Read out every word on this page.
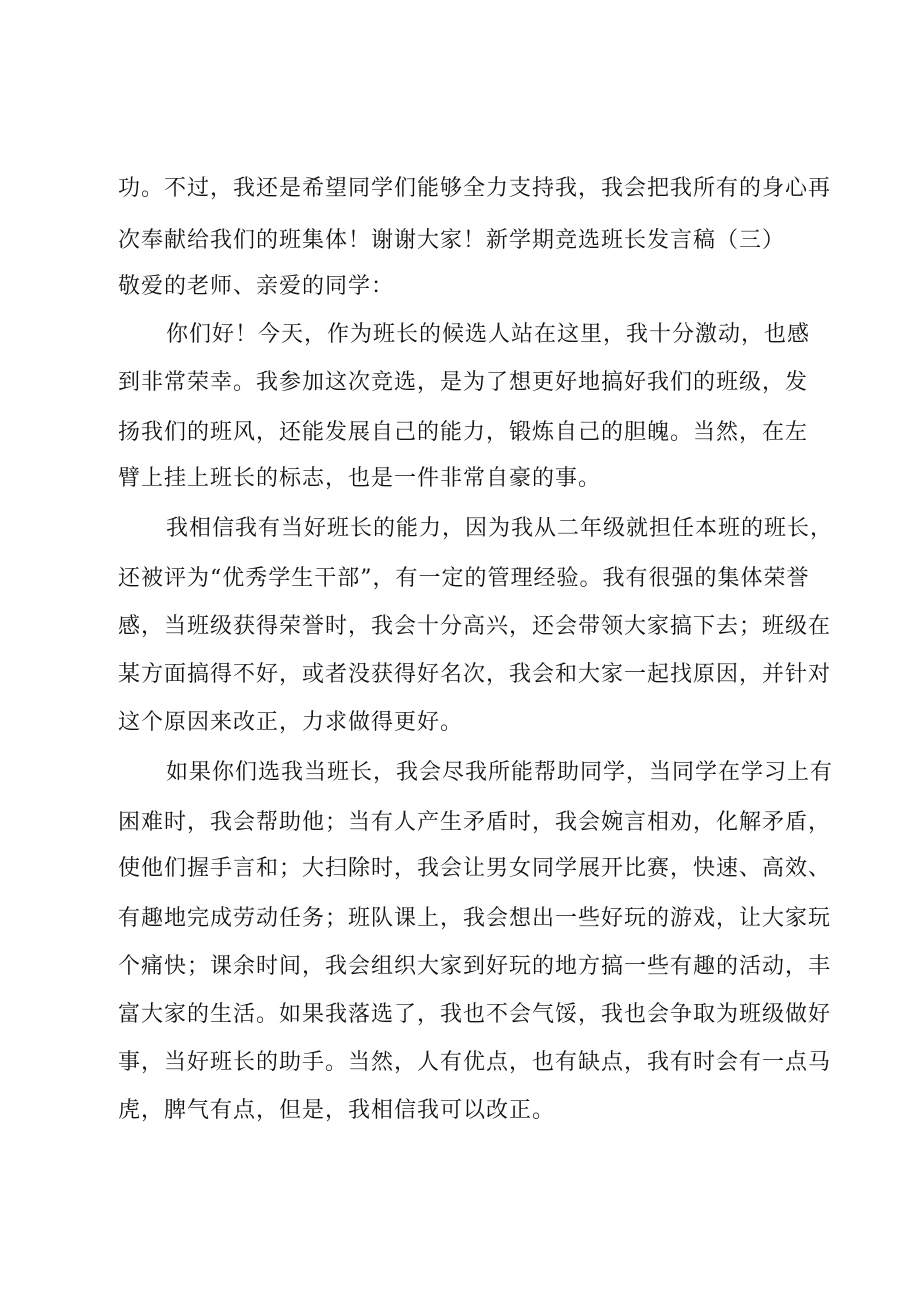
功。不过，我还是希望同学们能够全力支持我，我会把我所有的身心再
次奉献给我们的班集体！谢谢大家！新学期竞选班长发言稿（三）
敬爱的老师、亲爱的同学：
你们好！今天，作为班长的候选人站在这里，我十分激动，也感
到非常荣幸。我参加这次竞选，是为了想更好地搞好我们的班级，发
扬我们的班风，还能发展自己的能力，锻炼自己的胆魄。当然，在左
臂上挂上班长的标志，也是一件非常自豪的事。
我相信我有当好班长的能力，因为我从二年级就担任本班的班长，
还被评为“优秀学生干部”，有一定的管理经验。我有很强的集体荣誉
感，当班级获得荣誉时，我会十分高兴，还会带领大家搞下去；班级在
某方面搞得不好，或者没获得好名次，我会和大家一起找原因，并针对
这个原因来改正，力求做得更好。
如果你们选我当班长，我会尽我所能帮助同学，当同学在学习上有
困难时，我会帮助他；当有人产生矛盾时，我会婉言相劝，化解矛盾，
使他们握手言和；大扫除时，我会让男女同学展开比赛，快速、高效、
有趣地完成劳动任务；班队课上，我会想出一些好玩的游戏，让大家玩
个痛快；课余时间，我会组织大家到好玩的地方搞一些有趣的活动，丰
富大家的生活。如果我落选了，我也不会气馁，我也会争取为班级做好
事，当好班长的助手。当然，人有优点，也有缺点，我有时会有一点马
虎，脾气有点，但是，我相信我可以改正。
